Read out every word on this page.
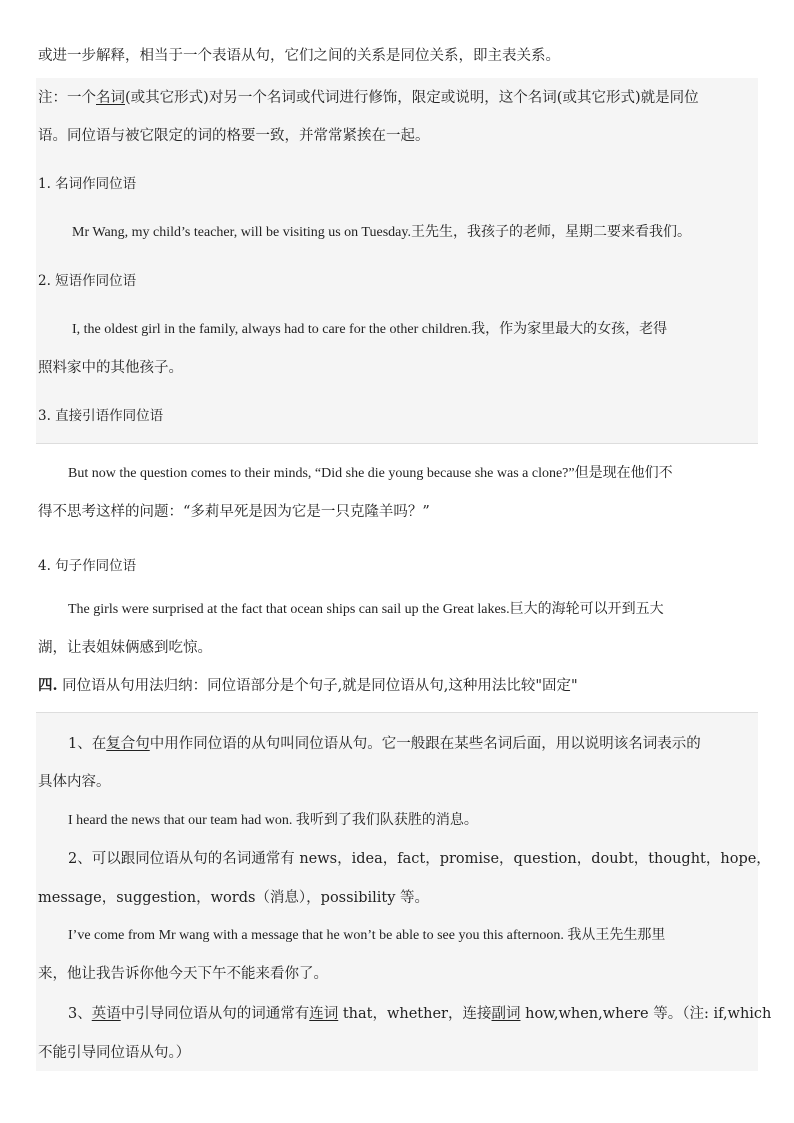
或进一步解释，相当于一个表语从句，它们之间的关系是同位关系，即主表关系。
注：一个名词(或其它形式)对另一个名词或代词进行修饰，限定或说明，这个名词(或其它形式)就是同位
语。同位语与被它限定的词的格要一致，并常常紧挨在一起。
1. 名词作同位语
Mr Wang, my child’s teacher, will be visiting us on Tuesday.王先生，我孩子的老师，星期二要来看我们。
2. 短语作同位语
I, the oldest girl in the family, always had to care for the other children.我，作为家里最大的女孩，老得
照料家中的其他孩子。
3. 直接引语作同位语
But now the question comes to their minds, “Did she die young because she was a clone?”但是现在他们不
得不思考这样的问题：“多莉早死是因为它是一只克隆羊吗？”
4. 句子作同位语
The girls were surprised at the fact that ocean ships can sail up the Great lakes.巨大的海轮可以开到五大
湖，让表姐妹俩感到吃惊。
四. 同位语从句用法归纳：同位语部分是个句子,就是同位语从句,这种用法比较"固定"
1、在复合句中用作同位语的从句叫同位语从句。它一般跟在某些名词后面，用以说明该名词表示的
具体内容。
I heard the news that our team had won. 我听到了我们队获胜的消息。
2、可以跟同位语从句的名词通常有 news，idea，fact，promise，question，doubt，thought，hope，
message，suggestion，words（消息），possibility 等。
I’ve come from Mr wang with a message that he won’t be able to see you this afternoon. 我从王先生那里
来，他让我告诉你他今天下午不能来看你了。
3、英语中引导同位语从句的词通常有连词 that，whether，连接副词 how,when,where 等。（注: if,which
不能引导同位语从句。）
